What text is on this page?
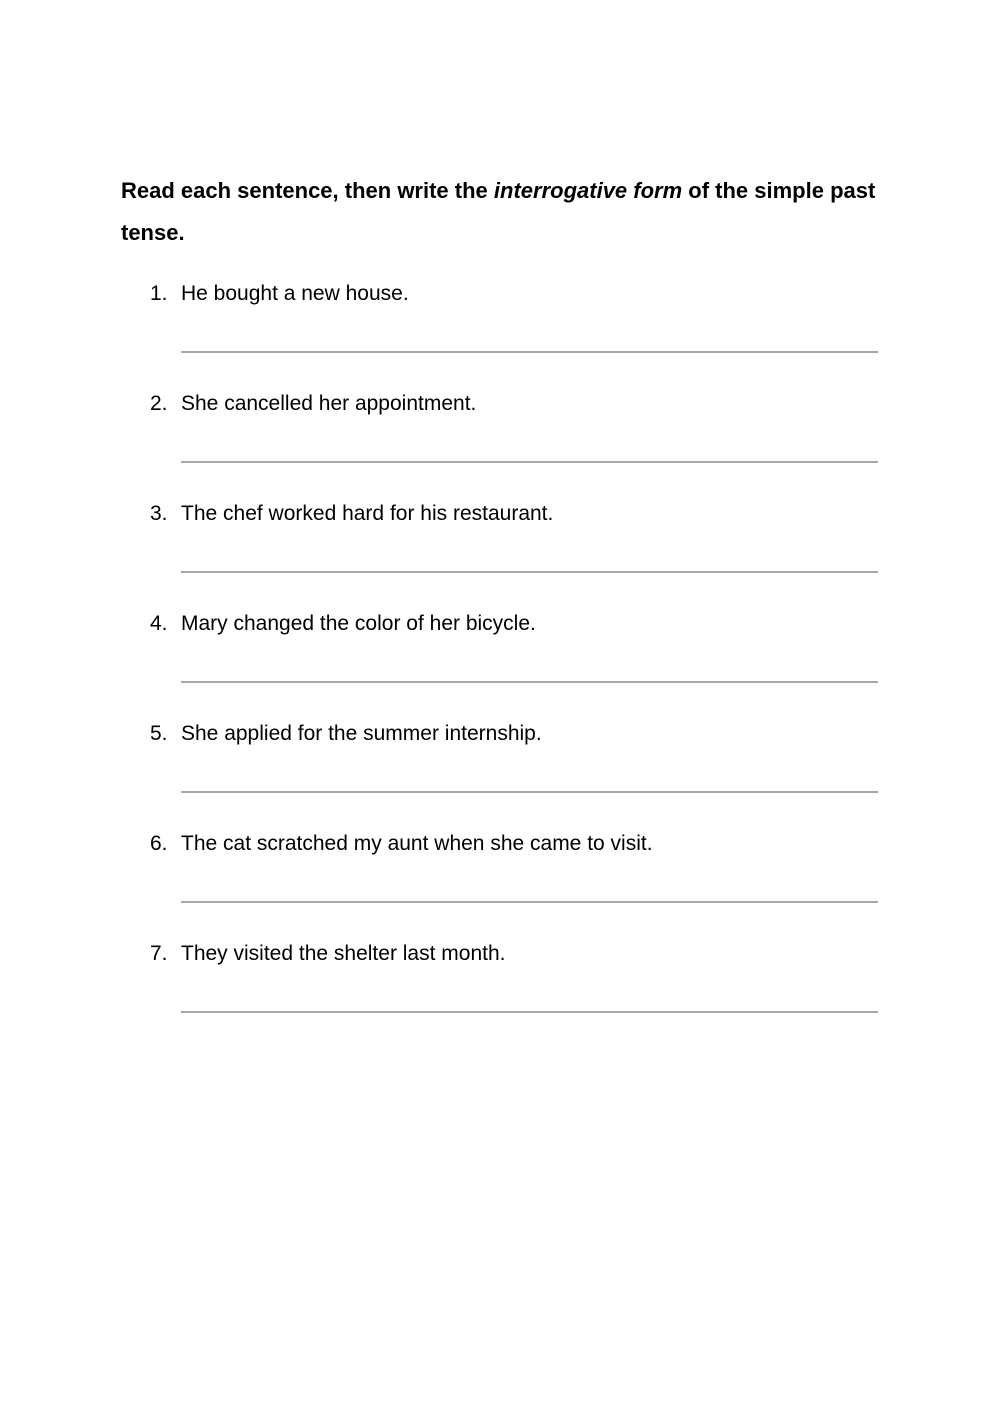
Read each sentence, then write the interrogative form of the simple past tense.

1. He bought a new house.
2. She cancelled her appointment.
3. The chef worked hard for his restaurant.
4. Mary changed the color of her bicycle.
5. She applied for the summer internship.
6. The cat scratched my aunt when she came to visit.
7. They visited the shelter last month.
